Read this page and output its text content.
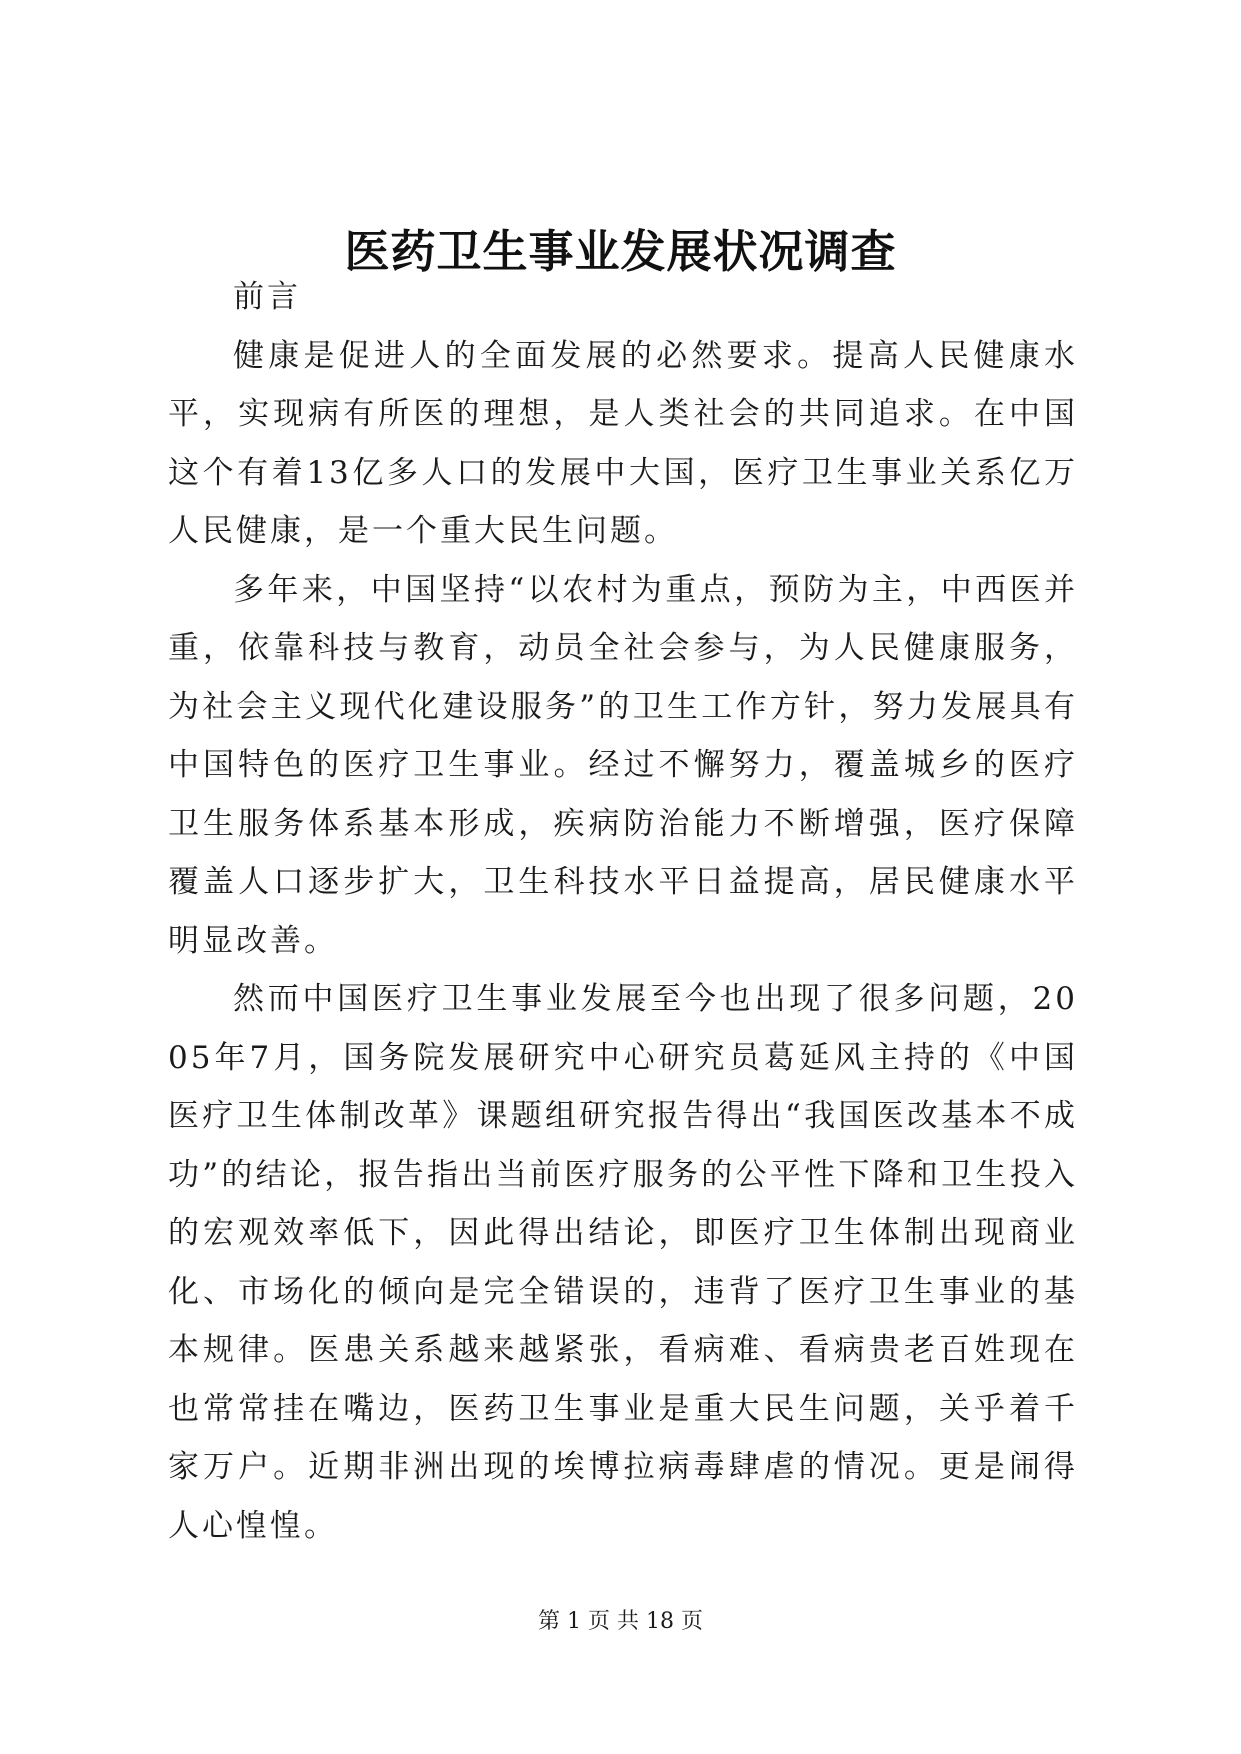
医药卫生事业发展状况调查

前言

健康是促进人的全面发展的必然要求。提高人民健康水平，实现病有所医的理想，是人类社会的共同追求。在中国这个有着13亿多人口的发展中大国，医疗卫生事业关系亿万人民健康，是一个重大民生问题。

多年来，中国坚持“以农村为重点，预防为主，中西医并重，依靠科技与教育，动员全社会参与，为人民健康服务，为社会主义现代化建设服务”的卫生工作方针，努力发展具有中国特色的医疗卫生事业。经过不懈努力，覆盖城乡的医疗卫生服务体系基本形成，疾病防治能力不断增强，医疗保障覆盖人口逐步扩大，卫生科技水平日益提高，居民健康水平明显改善。

然而中国医疗卫生事业发展至今也出现了很多问题，2005年7月，国务院发展研究中心研究员葛延风主持的《中国医疗卫生体制改革》课题组研究报告得出“我国医改基本不成功”的结论，报告指出当前医疗服务的公平性下降和卫生投入的宏观效率低下，因此得出结论，即医疗卫生体制出现商业化、市场化的倾向是完全错误的，违背了医疗卫生事业的基本规律。医患关系越来越紧张，看病难、看病贵老百姓现在也常常挂在嘴边，医药卫生事业是重大民生问题，关乎着千家万户。近期非洲出现的埃博拉病毒肆虐的情况。更是闹得人心惶惶。

第 1 页 共 18 页
